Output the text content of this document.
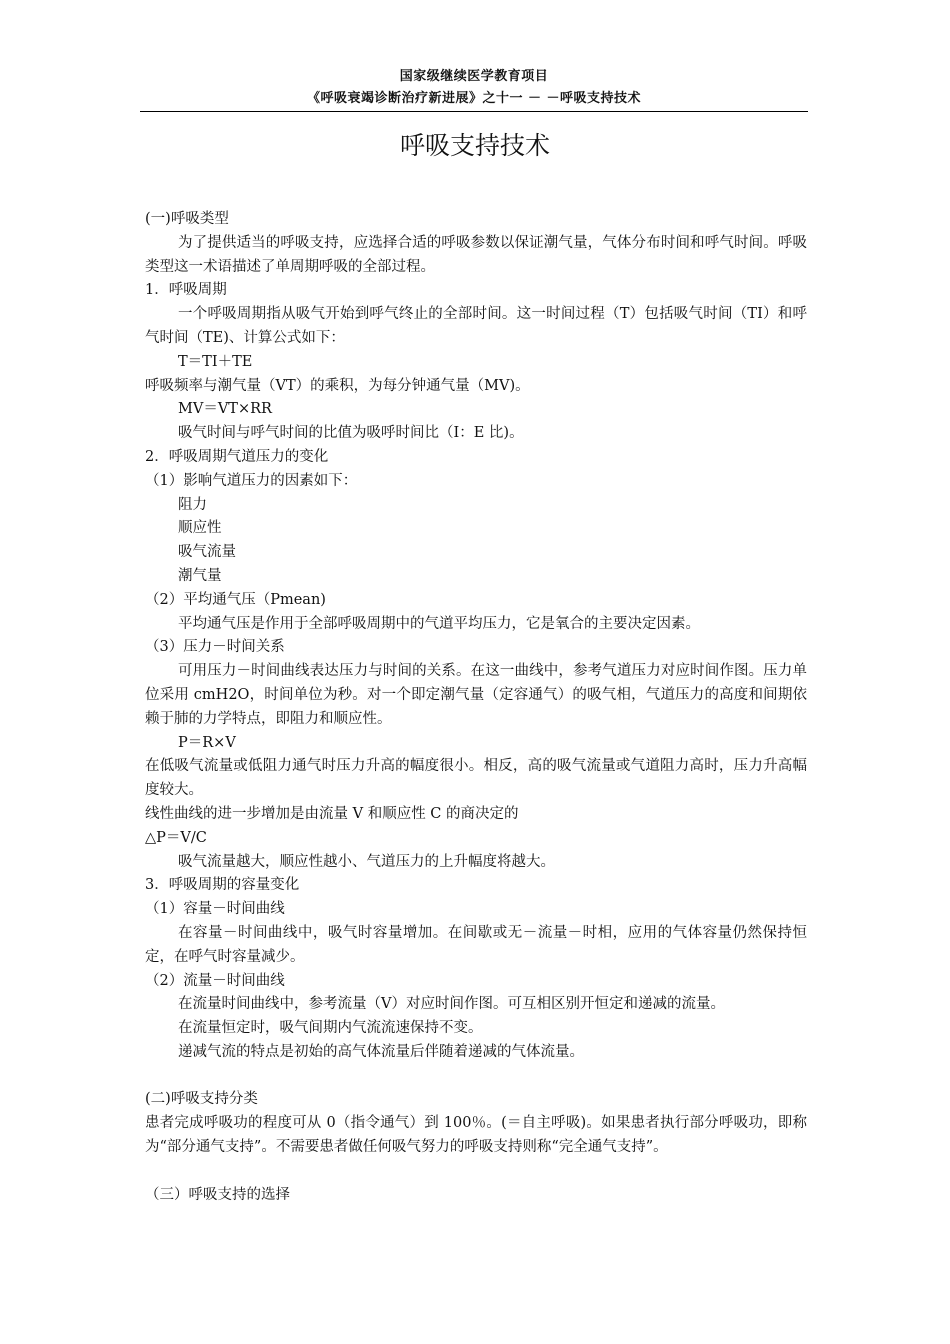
国家级继续医学教育项目
《呼吸衰竭诊断治疗新进展》之十一 － －呼吸支持技术
呼吸支持技术

(一)呼吸类型

为了提供适当的呼吸支持，应选择合适的呼吸参数以保证潮气量，气体分布时间和呼气时间。呼吸类型这一术语描述了单周期呼吸的全部过程。

1．呼吸周期

一个呼吸周期指从吸气开始到呼气终止的全部时间。这一时间过程（T）包括吸气时间（TI）和呼气时间（TE)、计算公式如下：

T＝TI＋TE

呼吸频率与潮气量（VT）的乘积，为每分钟通气量（MV)。

MV＝VT×RR

吸气时间与呼气时间的比值为吸呼时间比（I：E 比)。

2．呼吸周期气道压力的变化

（1）影响气道压力的因素如下：

阻力

顺应性

吸气流量

潮气量

（2）平均通气压（Pmean)

平均通气压是作用于全部呼吸周期中的气道平均压力，它是氧合的主要决定因素。

（3）压力－时间关系

可用压力－时间曲线表达压力与时间的关系。在这一曲线中，参考气道压力对应时间作图。压力单位采用 cmH2O，时间单位为秒。对一个即定潮气量（定容通气）的吸气相，气道压力的高度和间期依赖于肺的力学特点，即阻力和顺应性。

P＝R×V

在低吸气流量或低阻力通气时压力升高的幅度很小。相反，高的吸气流量或气道阻力高时，压力升高幅度较大。

线性曲线的进一步增加是由流量 V 和顺应性 C 的商决定的

△P＝V/C

吸气流量越大，顺应性越小、气道压力的上升幅度将越大。

3．呼吸周期的容量变化

（1）容量－时间曲线

在容量－时间曲线中，吸气时容量增加。在间歇或无－流量－时相，应用的气体容量仍然保持恒定，在呼气时容量减少。

（2）流量－时间曲线

在流量时间曲线中，参考流量（V）对应时间作图。可互相区别开恒定和递减的流量。

在流量恒定时，吸气间期内气流流速保持不变。

递减气流的特点是初始的高气体流量后伴随着递减的气体流量。

(二)呼吸支持分类

患者完成呼吸功的程度可从 0（指令通气）到 100％。(＝自主呼吸)。如果患者执行部分呼吸功，即称为“部分通气支持”。不需要患者做任何吸气努力的呼吸支持则称“完全通气支持”。

（三）呼吸支持的选择
